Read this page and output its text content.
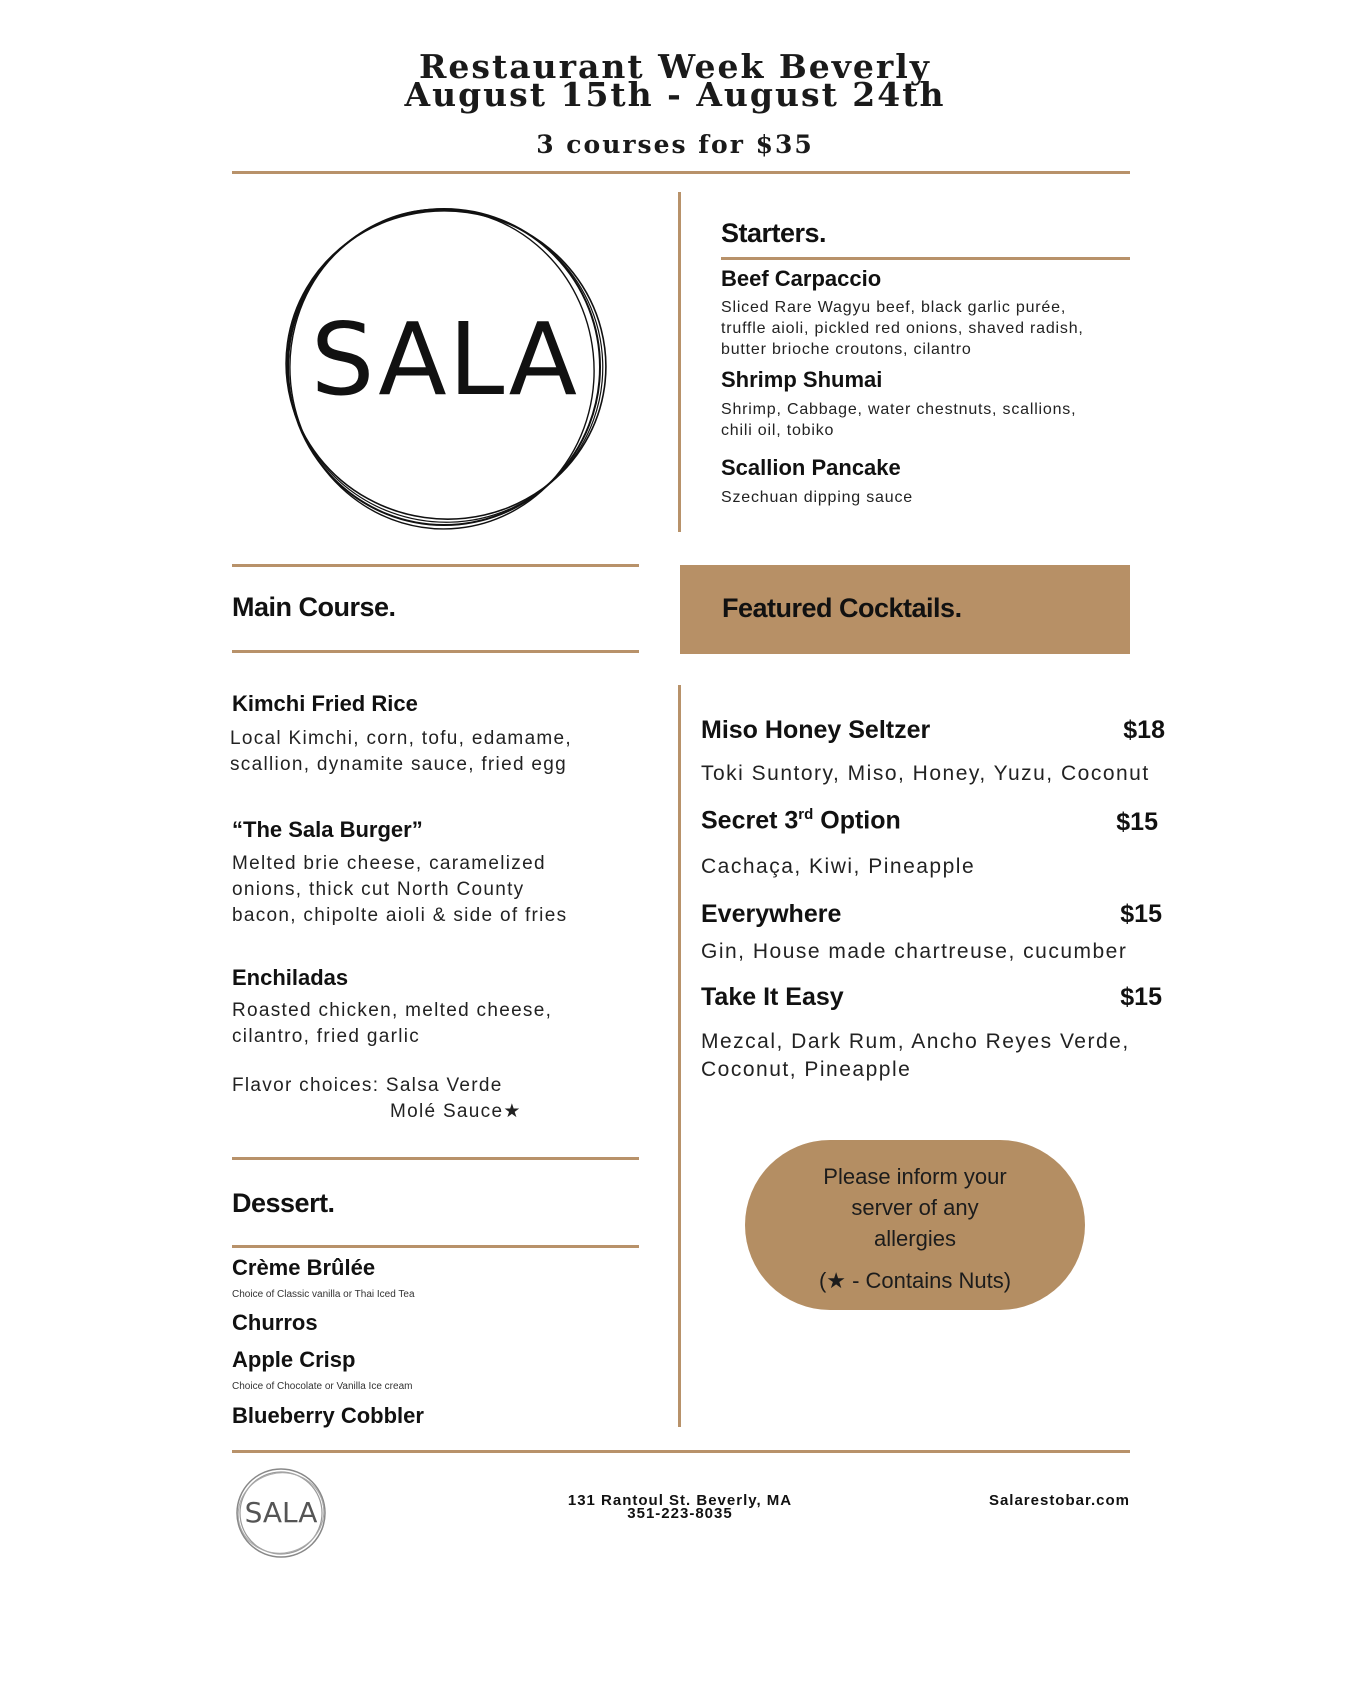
Restaurant Week Beverly
August 15th - August 24th
3 courses for $35
SALA
Starters.
Beef Carpaccio
Sliced Rare Wagyu beef, black garlic purée,
truffle aioli, pickled red onions, shaved radish,
butter brioche croutons, cilantro
Shrimp Shumai
Shrimp, Cabbage, water chestnuts, scallions,
chili oil, tobiko
Scallion Pancake
Szechuan dipping sauce
Main Course.
Kimchi Fried Rice
Local Kimchi, corn, tofu, edamame,
scallion, dynamite sauce, fried egg
“The Sala Burger”
Melted brie cheese, caramelized
onions, thick cut North County
bacon, chipolte aioli & side of fries
Enchiladas
Roasted chicken, melted cheese,
cilantro, fried garlic
Flavor choices: Salsa Verde
Molé Sauce★
Dessert.
Crème Brûlée
Choice of Classic vanilla or Thai Iced Tea
Churros
Apple Crisp
Choice of Chocolate or Vanilla Ice cream
Blueberry Cobbler
Featured Cocktails.
Miso Honey Seltzer	$18
Toki Suntory, Miso, Honey, Yuzu, Coconut
Secret 3rd Option	$15
Cachaça, Kiwi, Pineapple
Everywhere	$15
Gin, House made chartreuse, cucumber
Take It Easy	$15
Mezcal, Dark Rum, Ancho Reyes Verde,
Coconut, Pineapple
Please inform your
server of any
allergies
(★ - Contains Nuts)
SALA	131 Rantoul St. Beverly, MA
351-223-8035
Salarestobar.com
